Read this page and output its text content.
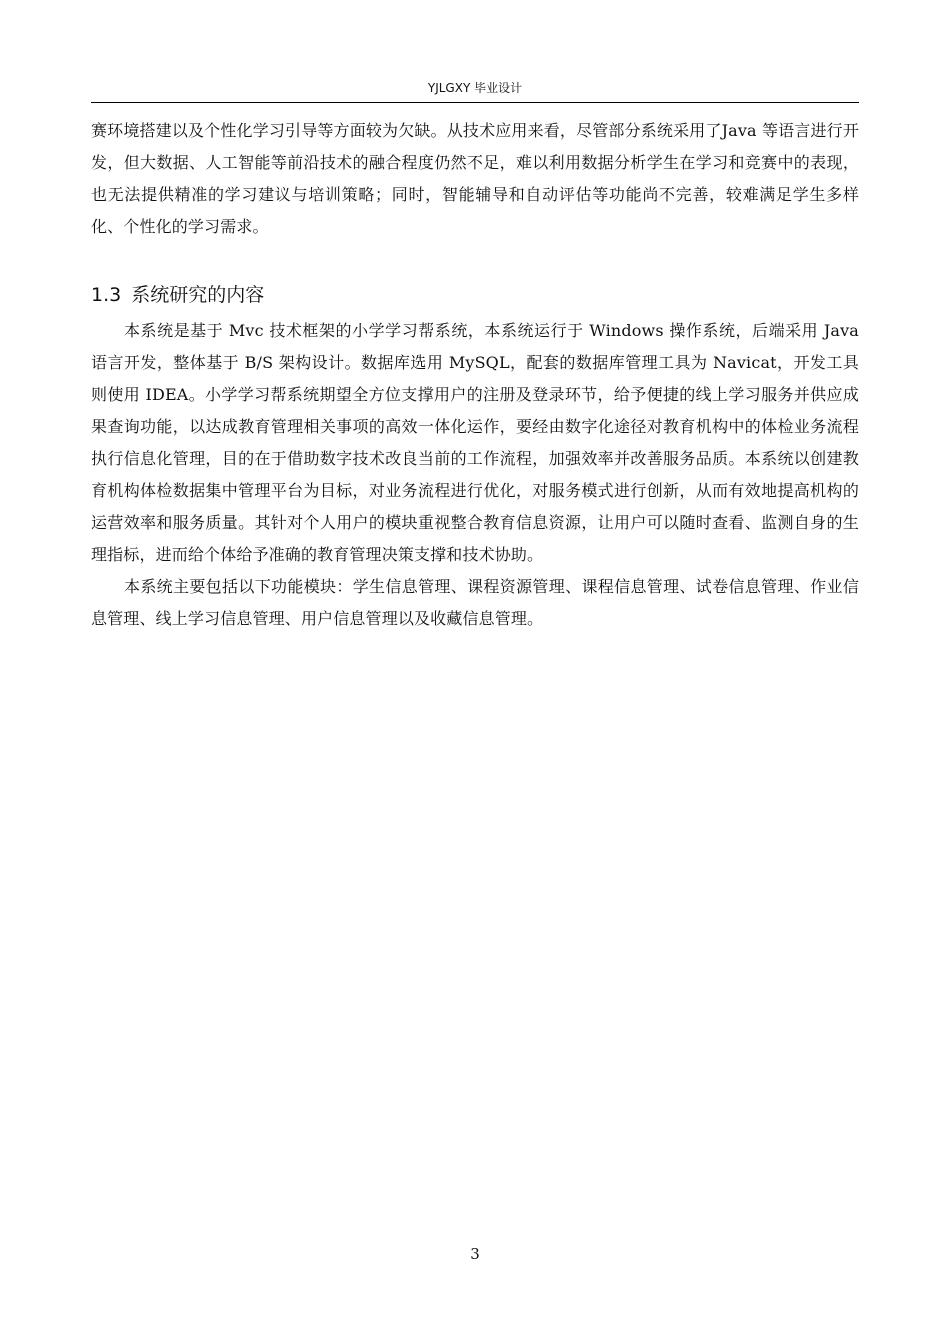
YJLGXY 毕业设计

赛环境搭建以及个性化学习引导等方面较为欠缺。从技术应用来看，尽管部分系统采用了Java 等语言进行开发，但大数据、人工智能等前沿技术的融合程度仍然不足，难以利用数据分析学生在学习和竞赛中的表现，也无法提供精准的学习建议与培训策略；同时，智能辅导和自动评估等功能尚不完善，较难满足学生多样化、个性化的学习需求。

1.3 系统研究的内容

本系统是基于 Mvc 技术框架的小学学习帮系统，本系统运行于 Windows 操作系统，后端采用 Java 语言开发，整体基于 B/S 架构设计。数据库选用 MySQL，配套的数据库管理工具为 Navicat，开发工具则使用 IDEA。小学学习帮系统期望全方位支撑用户的注册及登录环节，给予便捷的线上学习服务并供应成果查询功能，以达成教育管理相关事项的高效一体化运作，要经由数字化途径对教育机构中的体检业务流程执行信息化管理，目的在于借助数字技术改良当前的工作流程，加强效率并改善服务品质。本系统以创建教育机构体检数据集中管理平台为目标，对业务流程进行优化，对服务模式进行创新，从而有效地提高机构的运营效率和服务质量。其针对个人用户的模块重视整合教育信息资源，让用户可以随时查看、监测自身的生理指标，进而给个体给予准确的教育管理决策支撑和技术协助。

本系统主要包括以下功能模块：学生信息管理、课程资源管理、课程信息管理、试卷信息管理、作业信息管理、线上学习信息管理、用户信息管理以及收藏信息管理。

3
